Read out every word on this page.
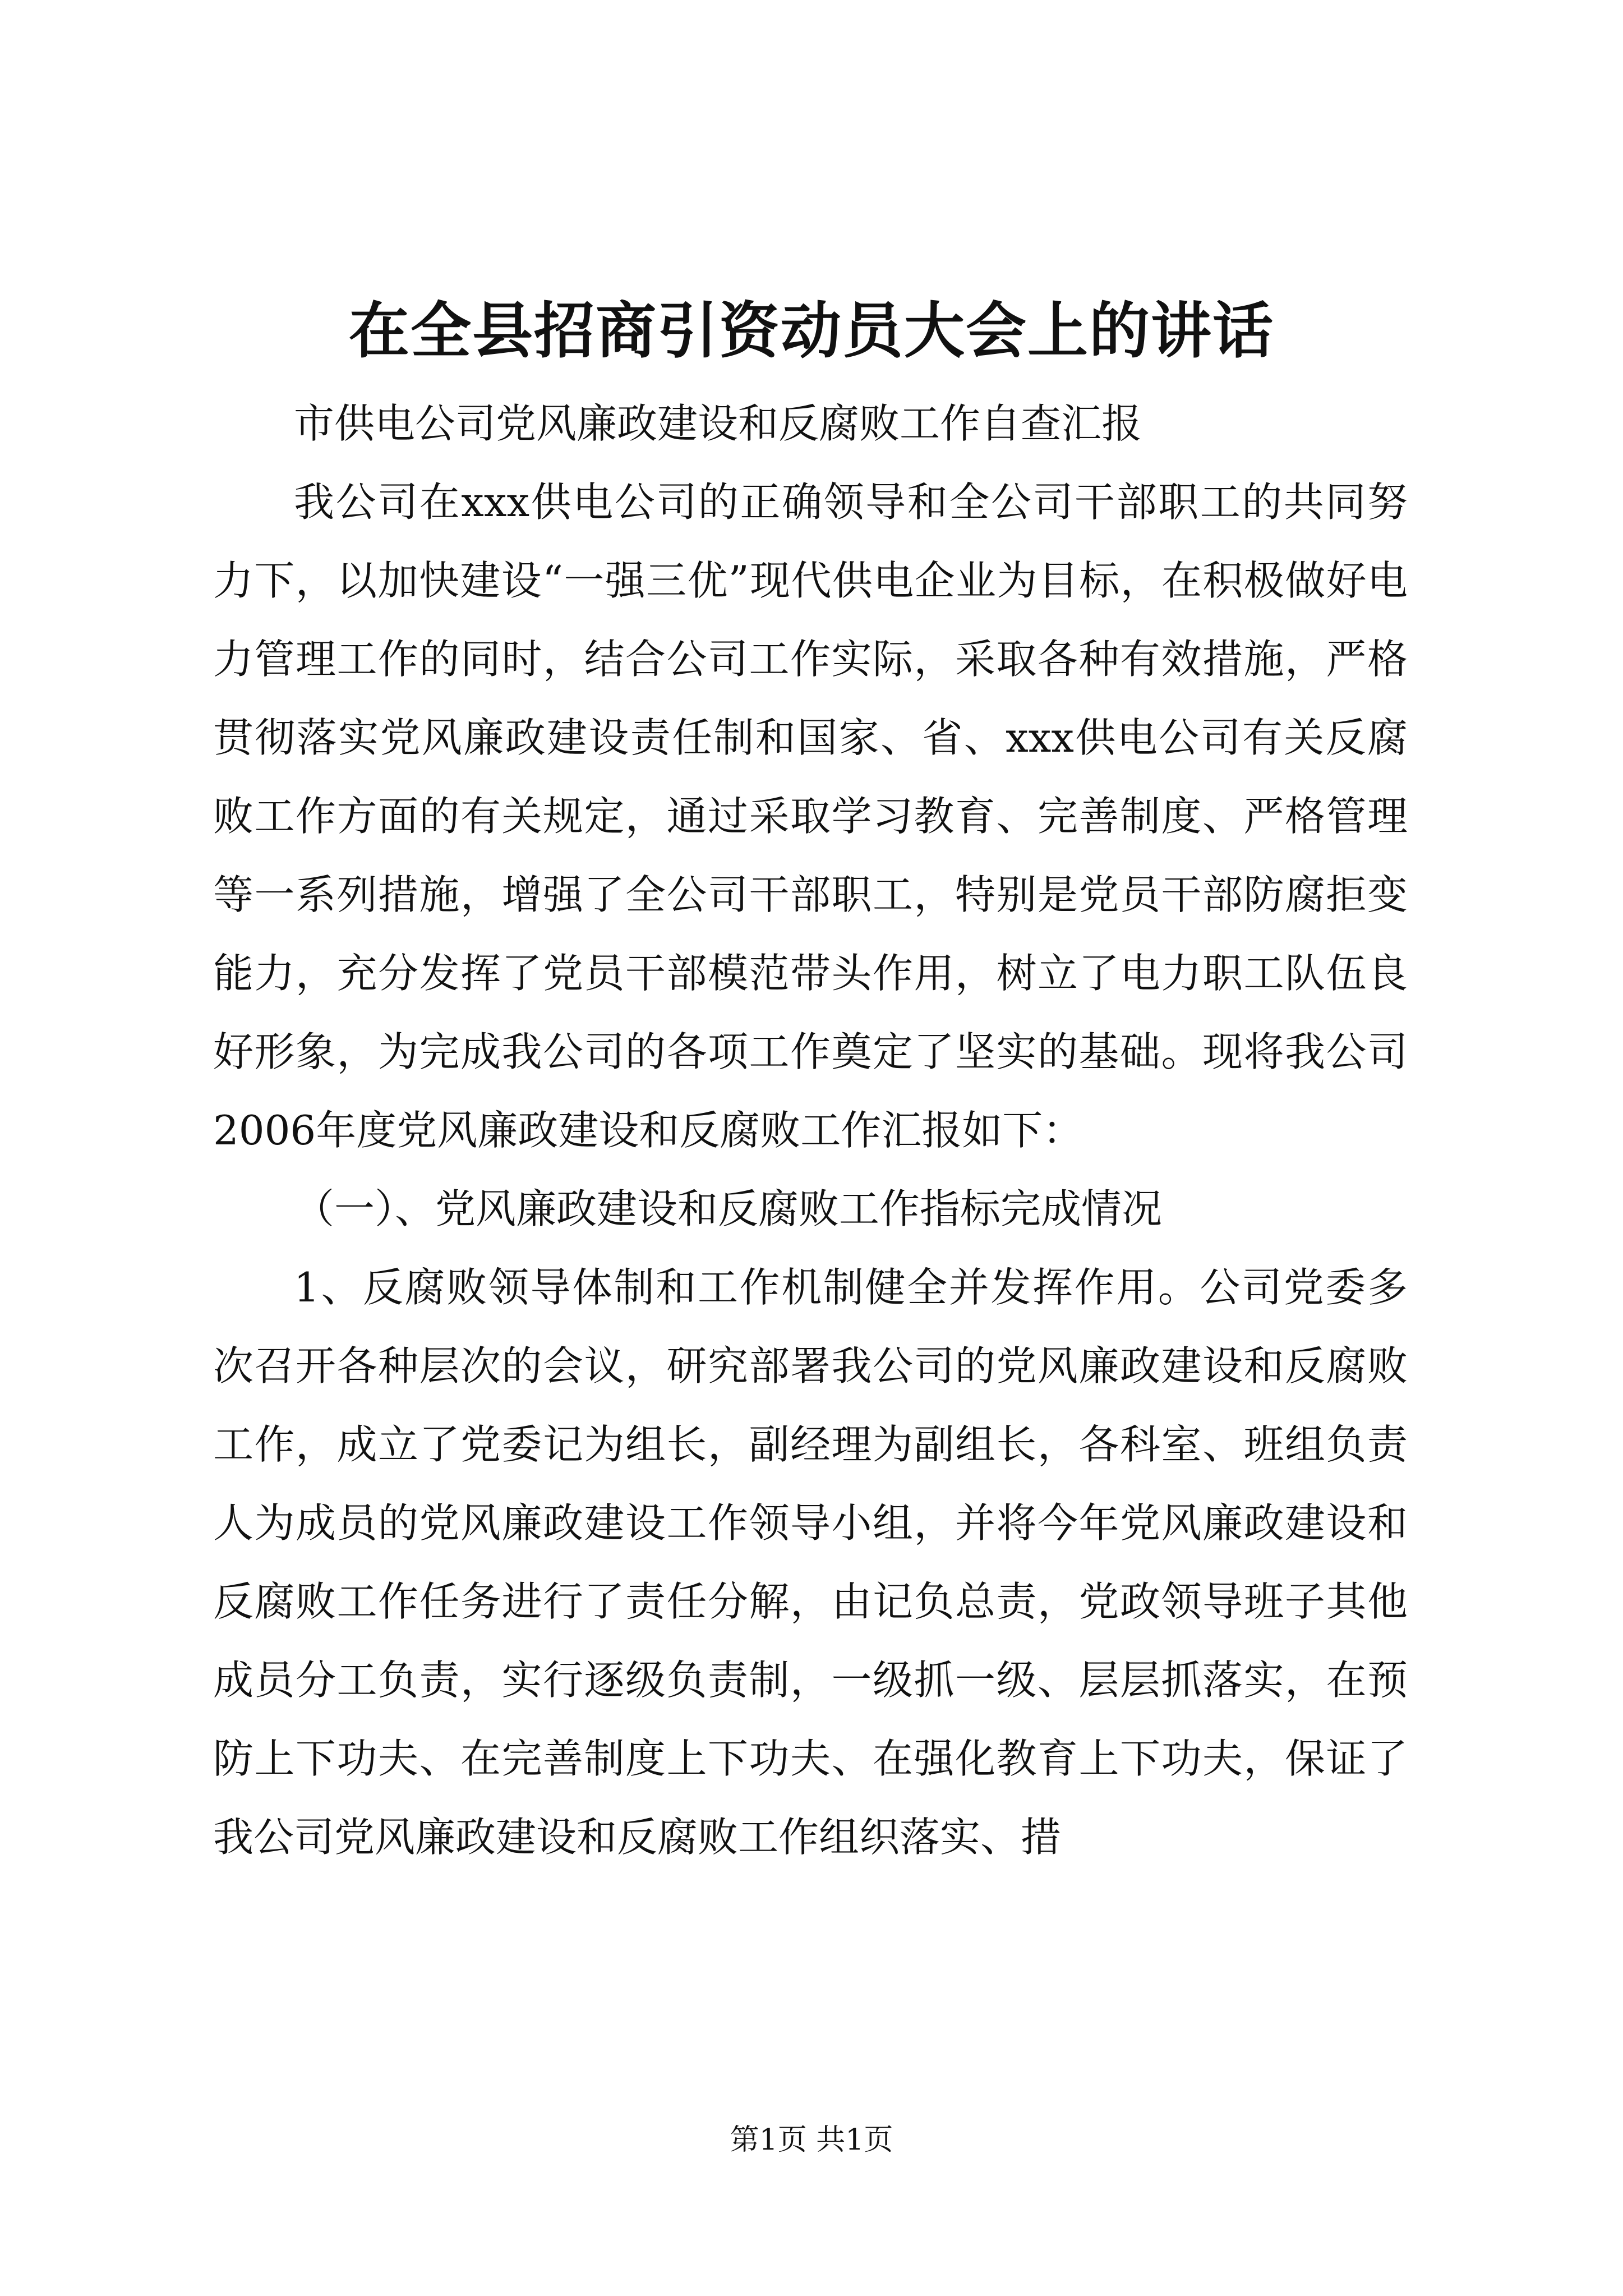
在全县招商引资动员大会上的讲话

市供电公司党风廉政建设和反腐败工作自查汇报

我公司在xxx供电公司的正确领导和全公司干部职工的共同努力下，以加快建设“一强三优”现代供电企业为目标，在积极做好电力管理工作的同时，结合公司工作实际，采取各种有效措施，严格贯彻落实党风廉政建设责任制和国家、省、xxx供电公司有关反腐败工作方面的有关规定，通过采取学习教育、完善制度、严格管理等一系列措施，增强了全公司干部职工，特别是党员干部防腐拒变能力，充分发挥了党员干部模范带头作用，树立了电力职工队伍良好形象，为完成我公司的各项工作奠定了坚实的基础。现将我公司2006年度党风廉政建设和反腐败工作汇报如下：

（一）、党风廉政建设和反腐败工作指标完成情况

1、反腐败领导体制和工作机制健全并发挥作用。公司党委多次召开各种层次的会议，研究部署我公司的党风廉政建设和反腐败工作，成立了党委记为组长，副经理为副组长，各科室、班组负责人为成员的党风廉政建设工作领导小组，并将今年党风廉政建设和反腐败工作任务进行了责任分解，由记负总责，党政领导班子其他成员分工负责，实行逐级负责制，一级抓一级、层层抓落实，在预防上下功夫、在完善制度上下功夫、在强化教育上下功夫，保证了我公司党风廉政建设和反腐败工作组织落实、措

第1页 共1页
